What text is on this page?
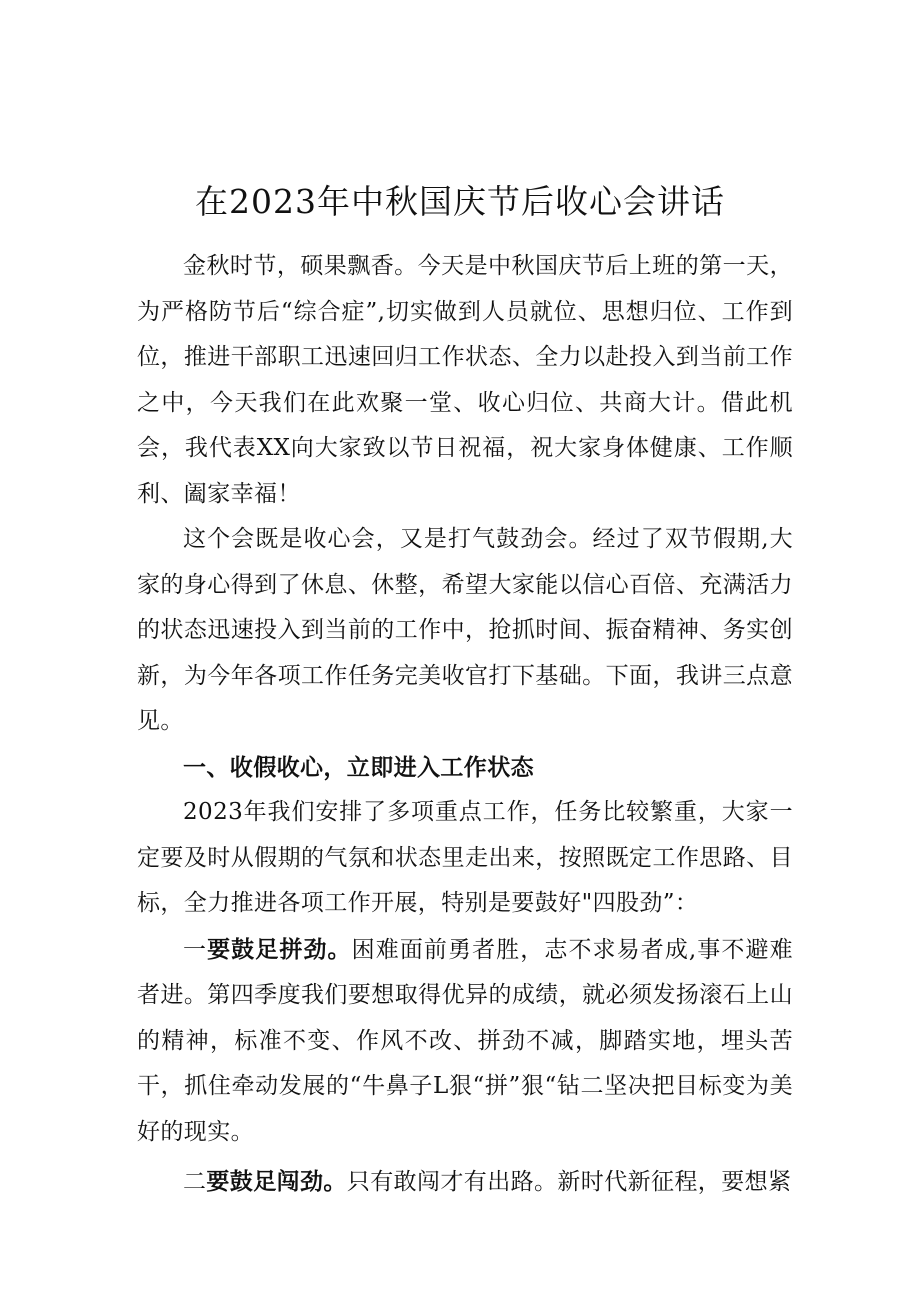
在2023年中秋国庆节后收心会讲话

金秋时节，硕果飘香。今天是中秋国庆节后上班的第一天，为严格防节后“综合症”,切实做到人员就位、思想归位、工作到位，推进干部职工迅速回归工作状态、全力以赴投入到当前工作之中，今天我们在此欢聚一堂、收心归位、共商大计。借此机会，我代表XX向大家致以节日祝福，祝大家身体健康、工作顺利、阖家幸福！

这个会既是收心会，又是打气鼓劲会。经过了双节假期,大家的身心得到了休息、休整，希望大家能以信心百倍、充满活力的状态迅速投入到当前的工作中，抢抓时间、振奋精神、务实创新，为今年各项工作任务完美收官打下基础。下面，我讲三点意见。

一、收假收心，立即进入工作状态

2023年我们安排了多项重点工作，任务比较繁重，大家一定要及时从假期的气氛和状态里走出来，按照既定工作思路、目标，全力推进各项工作开展，特别是要鼓好"四股劲”：

一要鼓足拼劲。困难面前勇者胜，志不求易者成,事不避难者进。第四季度我们要想取得优异的成绩，就必须发扬滚石上山的精神，标准不变、作风不改、拼劲不减，脚踏实地，埋头苦干，抓住牵动发展的“牛鼻子L狠“拼”狠“钻二坚决把目标变为美好的现实。

二要鼓足闯劲。只有敢闯才有出路。新时代新征程，要想紧
